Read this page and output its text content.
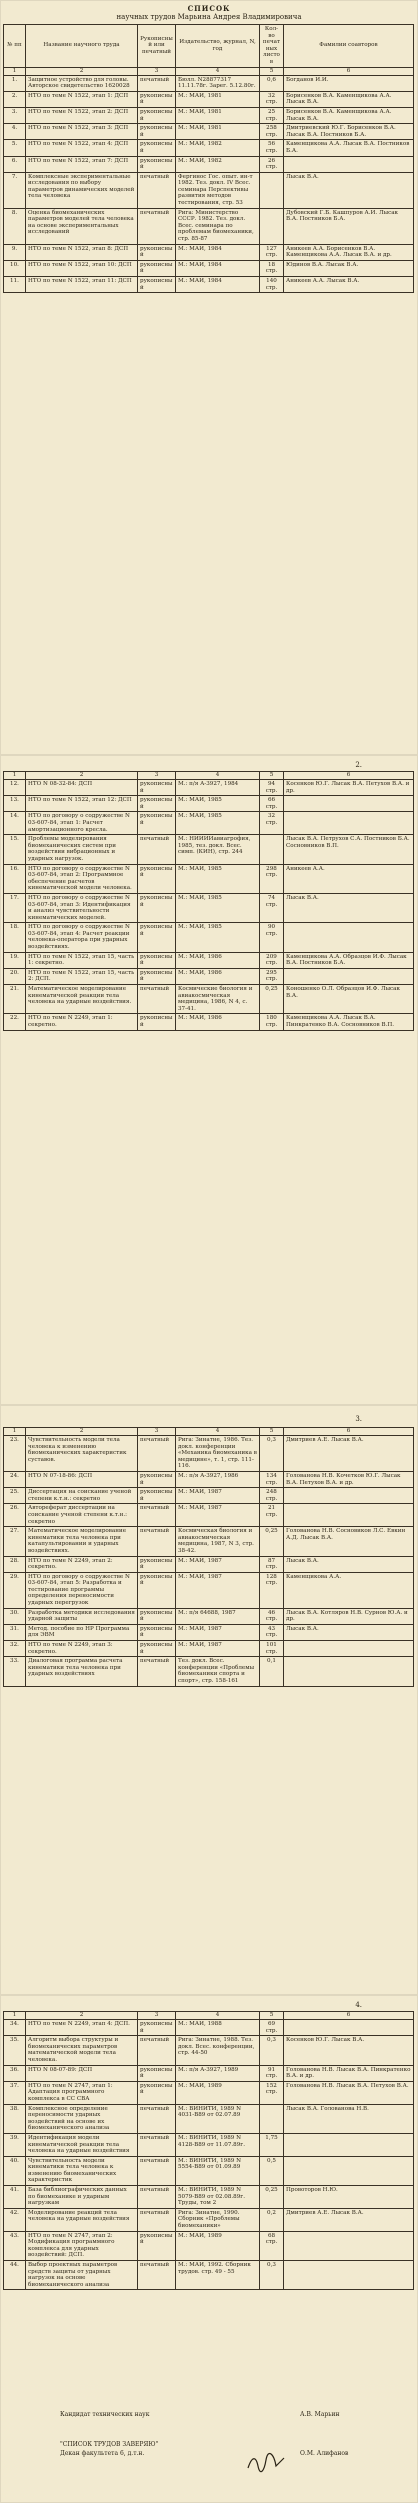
СПИСОК
научных трудов Марьина Андрея Владимировича
№ пп	Название научного труда	Рукописный или печатный	Издательство, журнал, N, год	Кол-во печатных листов	Фамилии соавторов
1	2	3	4	5	6
1.	Защитное устройство для головы. Авторское свидетельство 1620028	печатный	Бюлл. N28877317 11.11.78г. Зарег. 5.12.80г.	0,6	Богданов И.И.
2.	НТО по теме N 1522, этап 1: ДСП	рукописный	М.: МАИ, 1981	32 стр.	Борисенков В.А. Каменщикова А.А. Лысак В.А.
3.	НТО по теме N 1522, этап 2: ДСП	рукописный	М.: МАИ, 1981	25 стр.	Борисенков В.А. Каменщикова А.А. Лысак В.А.
4.	НТО по теме N 1522, этап 3: ДСП	рукописный	М.: МАИ, 1981	258 стр.	Дмитриевский Ю.Г. Борисенков В.А. Лысак В.А. Постников Б.А.
5.	НТО по теме N 1522, этап 4: ДСП	рукописный	М.: МАИ, 1982	56 стр.	Каменщикова А.А. Лысак В.А. Постников Б.А.
6.	НТО по теме N 1522, этап 7: ДСП	рукописный	М.: МАИ, 1982	26 стр.	
7.	Комплексные экспериментальные исследования по выбору параметров динамических моделей тела человека	печатный	Фергинос Гос. опыт. ин-т 1982. Тез. докл. IV Всес. семинара Перспективы развития методов тестирования, стр. 53		Лысак В.А.
8.	Оценка биомеханических параметров моделей тела человека на основе экспериментальных исследований	печатный	Рига: Министерство СССР. 1982. Тез. докл. Всес. семинара по проблемам биомеханики, стр. 85-87		Дубовский Г.Б. Кашпуров А.И. Лысак В.А. Постников Б.А.
9.	НТО по теме N 1522, этап 8: ДСП	рукописный	М.: МАИ, 1984	127 стр.	Аникеев А.А. Борисенков В.А. Каменщикова А.А. Лысак В.А. и др.
10.	НТО по теме N 1522, этап 10: ДСП	рукописный	М.: МАИ, 1984	18 стр.	Юдинов В.А. Лысак В.А.
11.	НТО по теме N 1522, этап 11: ДСП	рукописный	М.: МАИ, 1984	140 стр.	Аникеев А.А. Лысак В.А.
2.
1	2	3	4	5	6
12.	НТО N 08-32-84: ДСП	рукописный	М.: п/я А-3927, 1984	94 стр.	Косенков Ю.Г. Лысак В.А. Петухов В.А. и др.
13.	НТО по теме N 1522, этап 12: ДСП	рукописный	М.: МАИ, 1985	66 стр.	
14.	НТО по договору о содружестве N 03-607-84, этап 1: Расчет амортизационного кресла.	рукописный	М.: МАИ, 1985	32 стр.	
15.	Проблемы моделирования биомеханических систем при воздействии вибрационных и ударных нагрузок.	печатный	М.: НИИИИавиагрофия, 1985, тез. докл. Всес. симп. (КИН), стр. 244		Лысак В.А. Петрухов С.А. Постников Б.А. Сосновников В.П.
16.	НТО по договору о содружестве N 03-607-84, этап 2: Программное обеспечение расчетов кинематической модели человека.	рукописный	М.: МАИ, 1985	298 стр.	Аникеев А.А.
17.	НТО по договору о содружестве N 03-607-84, этап 3: Идентификация и анализ чувствительности кинематических моделей.	рукописный	М.: МАИ, 1985	74 стр.	Лысак В.А.
18.	НТО по договору о содружестве N 03-607-84, этап 4: Расчет реакции человека-оператора при ударных воздействиях.	рукописный	М.: МАИ, 1985	90 стр.	
19.	НТО по теме N 1522, этап 15, часть 1: секретно.	рукописный	М.: МАИ, 1986	209 стр.	Каменщикова А.А. Образцов И.Ф. Лысак В.А. Постников Б.А.
20.	НТО по теме N 1522, этап 15, часть 2: ДСП.	рукописный	М.: МАИ, 1986	295 стр.	
21.	Математическое моделирование кинематической реакции тела человека на ударные воздействия.	печатный	Космические биология и авиакосмическая медицина, 1986, N 4, с. 37-41.	0,25	Коношенко О.Л. Образцов И.Ф. Лысак В.А.
22.	НТО по теме N 2249, этап 1: секретно.	рукописный	М.: МАИ, 1986	180 стр.	Каменщикова А.А. Лысак В.А. Пинкратенко В.А. Сосновников В.П.
3.
1	2	3	4	5	6
23.	Чувствительность модели тела человека к изменению биомеханических характеристик суставов.	печатный	Рига: Зинатне, 1986. Тез. докл. конференции «Механика биомеханика в медицине», т. 1, стр. 111-116.	0,3	Дмитриев А.Е. Лысак В.А.
24.	НТО N 07-18-86: ДСП	рукописный	М.: п/я А-3927, 1986	134 стр.	Голованова Н.В. Кочетков Ю.Г. Лысак В.А. Петухов В.А. и др.
25.	Диссертация на соискание ученой степени к.т.н.: секретно	рукописный	М.: МАИ, 1987	248 стр.	
26.	Автореферат диссертации на соискание ученой степени к.т.н.: секретно	печатный	М.: МАИ, 1987	21 стр.	
27.	Математическое моделирование кинематики тела человека при катапультировании и ударных воздействиях.	печатный	Космическая биология и авиакосмическая медицина, 1987, N 3, стр. 38-42.	0,25	Голованова Н.В. Сосновиков Л.С. Евкин А.Д. Лысак В.А.
28.	НТО по теме N 2249, этап 2: секретно.	рукописный	М.: МАИ, 1987	87 стр.	Лысак В.А.
29.	НТО по договору о содружестве N 03-607-84, этап 5: Разработка и тестирование программы определения переносимости ударных перегрузок	рукописный	М.: МАИ, 1987	128 стр.	Каменщикова А.А.
30.	Разработка методики исследования ударной защиты	рукописный	М.: п/я 64688, 1987	46 стр.	Лысак В.А. Котляров Н.В. Сурнов Ю.А. и др.
31.	Метод. пособие по НР Программа для ЭВМ	рукописный	М.: МАИ, 1987	43 стр.	Лысак В.А.
32.	НТО по теме N 2249, этап 3: секретно.	рукописный	М.: МАИ, 1987	101 стр.	
33.	Диалоговая программа расчета кинематики тела человека при ударных воздействиях	печатный	Тез. докл. Всес. конференции «Проблемы биомеханики спорта и спорт», стр. 158-161	0,1	
4.
1	2	3	4	5	6
34.	НТО по теме N 2249, этап 4: ДСП.	рукописный	М.: МАИ, 1988	69 стр.	
35.	Алгоритм выбора структуры и биомеханических параметров математической модели тела человека.	печатный	Рига: Зинатне, 1988. Тез. докл. Всес. конференции, стр. 44-50	0,3	Косенков Ю.Г. Лысак В.А.
36.	НТО N 08-07-89: ДСП	рукописный	М.: п/я А-3927, 1989	91 стр.	Голованова Н.В. Лысак В.А. Пинкратенко В.А. и др.
37.	НТО по теме N 2747, этап 1: Адаптация программного комплекса в СС СВА	рукописный	М.: МАИ, 1989	152 стр.	Голованова Н.В. Лысак В.А. Петухов В.А.
38.	Комплексное определение переносимости ударных воздействий на основе их биомеханического анализа	печатный	М.: ВИНИТИ, 1989 N 4031-В89 от 02.07.89		Лысак В.А. Голованова Н.В.
39.	Идентификация модели кинематической реакции тела человека на ударные воздействия	печатный	М.: ВИНИТИ, 1989 N 4128-В89 от 11.07.89г.	1,75	
40.	Чувствительность модели кинематики тела человека к изменению биомеханических характеристик	печатный	М.: ВИНИТИ, 1989 N 5554-В89 от 01.09.89	0,5	
41.	База библиографических данных по биомеханике и ударным нагрузкам	печатный	М.: ВИНИТИ, 1989 N 5079-В89 от 02.08.89г. Труды, том 2	0,25	Провоторов Н.Ю.
42.	Моделирование реакций тела человека на ударные воздействия	печатный	Рига: Зинатне, 1990. Сборник «Проблемы биомеханики»	0,2	Дмитриев А.Е. Лысак В.А.
43.	НТО по теме N 2747, этап 2: Модификация программного комплекса для ударных воздействий: ДСП.	рукописный	М.: МАИ, 1989	68 стр.	
44.	Выбор проектных параметров средств защиты от ударных нагрузок на основе биомеханического анализа	печатный	М.: МАИ, 1992. Сборник трудов. стр. 49 - 55	0,3	
Кандидат технических наук	А.В. Марьин
"СПИСОК ТРУДОВ ЗАВЕРЯЮ"
Декан факультета 6, д.т.н.	О.М. Алифанов
